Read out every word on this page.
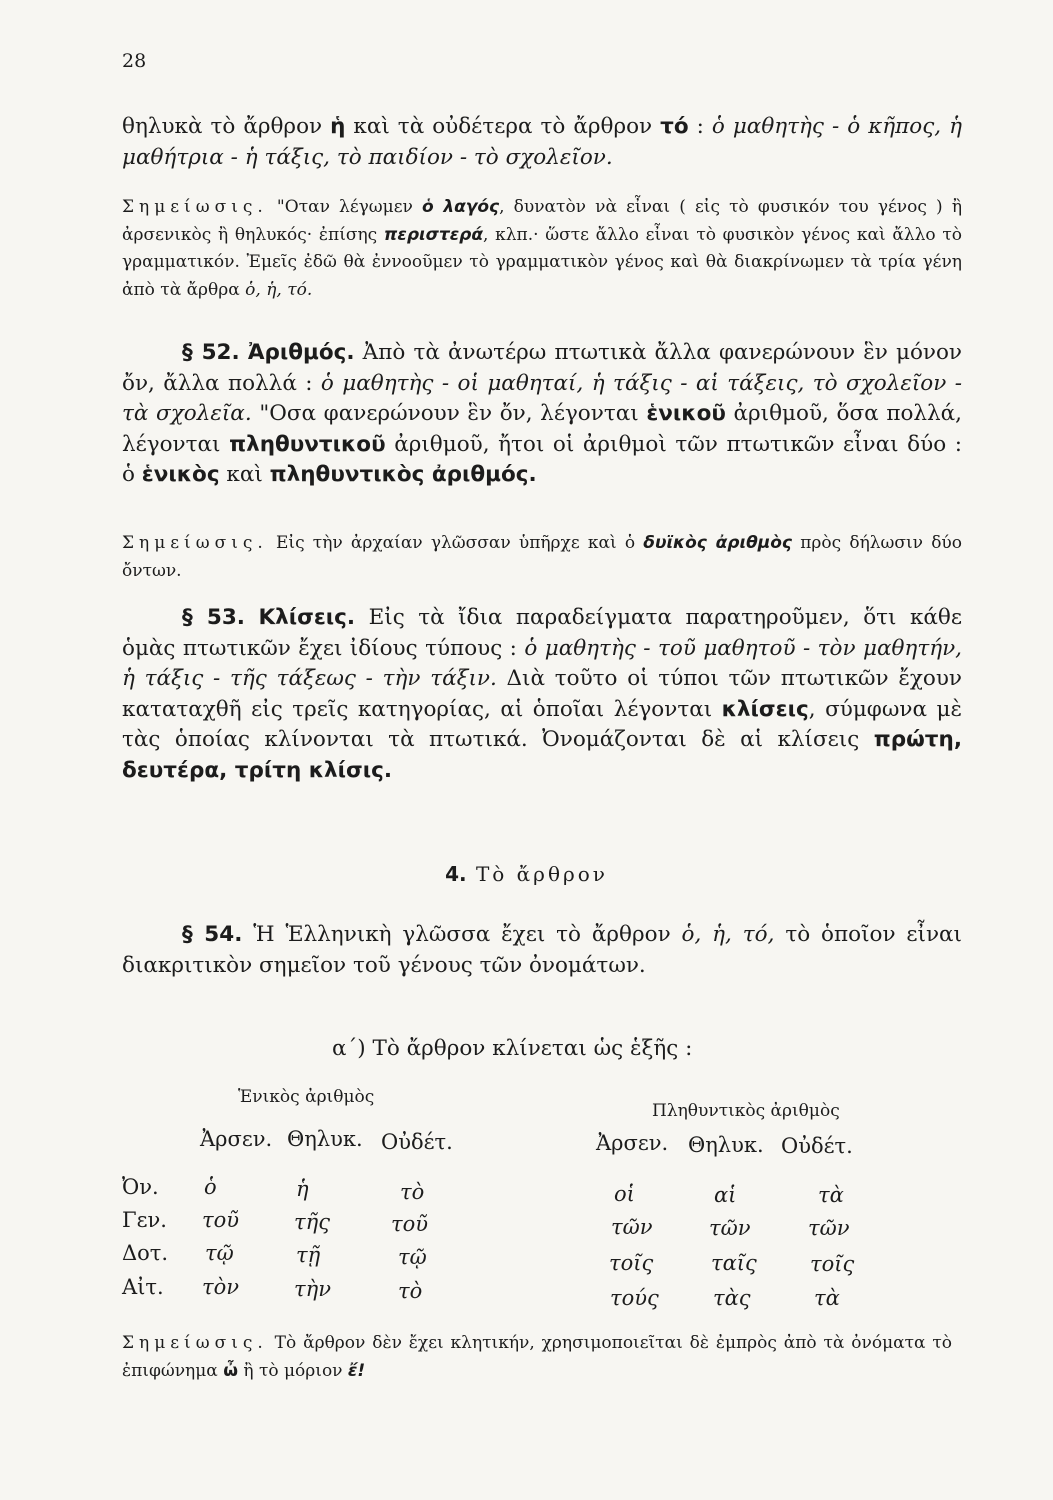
28
θηλυκὰ τὸ ἄρθρον ἡ καὶ τὰ οὐδέτερα τὸ ἄρθρον τό : ὁ μαθητὴς - ὁ κῆπος, ἡ μαθήτρια - ἡ τάξις, τὸ παιδίον - τὸ σχολεῖον.
Σημείωσις. "Οταν λέγωμεν ὁ λαγός, δυνατὸν νὰ εἶναι ( εἰς τὸ φυσικόν του γένος ) ἢ ἀρσενικὸς ἢ θηλυκός· ἐπίσης περιστερά, κλπ.· ὥστε ἄλλο εἶναι τὸ φυσικὸν γένος καὶ ἄλλο τὸ γραμματικόν. Ἐμεῖς ἐδῶ θὰ ἐννοοῦμεν τὸ γραμματικὸν γένος καὶ θὰ διακρίνωμεν τὰ τρία γένη ἀπὸ τὰ ἄρθρα ὁ, ἡ, τό.
§ 52. Ἀριθμός. Ἀπὸ τὰ ἀνωτέρω πτωτικὰ ἄλλα φανερώνουν ἓν μόνον ὄν, ἄλλα πολλά : ὁ μαθητὴς - οἱ μαθηταί, ἡ τάξις - αἱ τάξεις, τὸ σχολεῖον - τὰ σχολεῖα. "Οσα φανερώνουν ἓν ὄν, λέγονται ἑνικοῦ ἀριθμοῦ, ὅσα πολλά, λέγονται πληθυντικοῦ ἀριθμοῦ, ἤτοι οἱ ἀριθμοὶ τῶν πτωτικῶν εἶναι δύο : ὁ ἑνικὸς καὶ πληθυντικὸς ἀριθμός.
Σημείωσις. Εἰς τὴν ἀρχαίαν γλῶσσαν ὑπῆρχε καὶ ὁ δυϊκὸς ἀριθμὸς πρὸς δήλωσιν δύο ὄντων.
§ 53. Κλίσεις. Εἰς τὰ ἴδια παραδείγματα παρατηροῦμεν, ὅτι κάθε ὁμὰς πτωτικῶν ἔχει ἰδίους τύπους : ὁ μαθητὴς - τοῦ μαθητοῦ - τὸν μαθητήν, ἡ τάξις - τῆς τάξεως - τὴν τάξιν. Διὰ τοῦτο οἱ τύποι τῶν πτωτικῶν ἔχουν καταταχθῆ εἰς τρεῖς κατηγορίας, αἱ ὁποῖαι λέγονται κλίσεις, σύμφωνα μὲ τὰς ὁποίας κλίνονται τὰ πτωτικά. Ὀνομάζονται δὲ αἱ κλίσεις πρώτη, δευτέρα, τρίτη κλίσις.
4. Τὸ ἄρθρον
§ 54. Ἡ Ἑλληνικὴ γλῶσσα ἔχει τὸ ἄρθρον ὁ, ἡ, τό, τὸ ὁποῖον εἶναι διακριτικὸν σημεῖον τοῦ γένους τῶν ὀνομάτων.
α΄) Τὸ ἄρθρον κλίνεται ὡς ἑξῆς :
Ἑνικὸς ἀριθμὸς
Πληθυντικὸς ἀριθμὸς
Ἀρσεν. Θηλυκ. Οὐδέτ.	Ἀρσεν. Θηλυκ. Οὐδέτ.
Ὀν. ὁ	ἡ	τὸ	οἱ	αἱ	τὰ
Γεν. τοῦ	τῆς	τοῦ	τῶν	τῶν	τῶν
Δοτ. τῷ	τῇ	τῷ	τοῖς	ταῖς	τοῖς
Αἰτ. τὸν	τὴν	τὸ	τούς	τὰς	τὰ
Σημείωσις. Τὸ ἄρθρον δὲν ἔχει κλητικήν, χρησιμοποιεῖται δὲ ἐμπρὸς ἀπὸ τὰ ὀνόματα τὸ ἐπιφώνημα ὦ ἢ τὸ μόριον ἔ!
